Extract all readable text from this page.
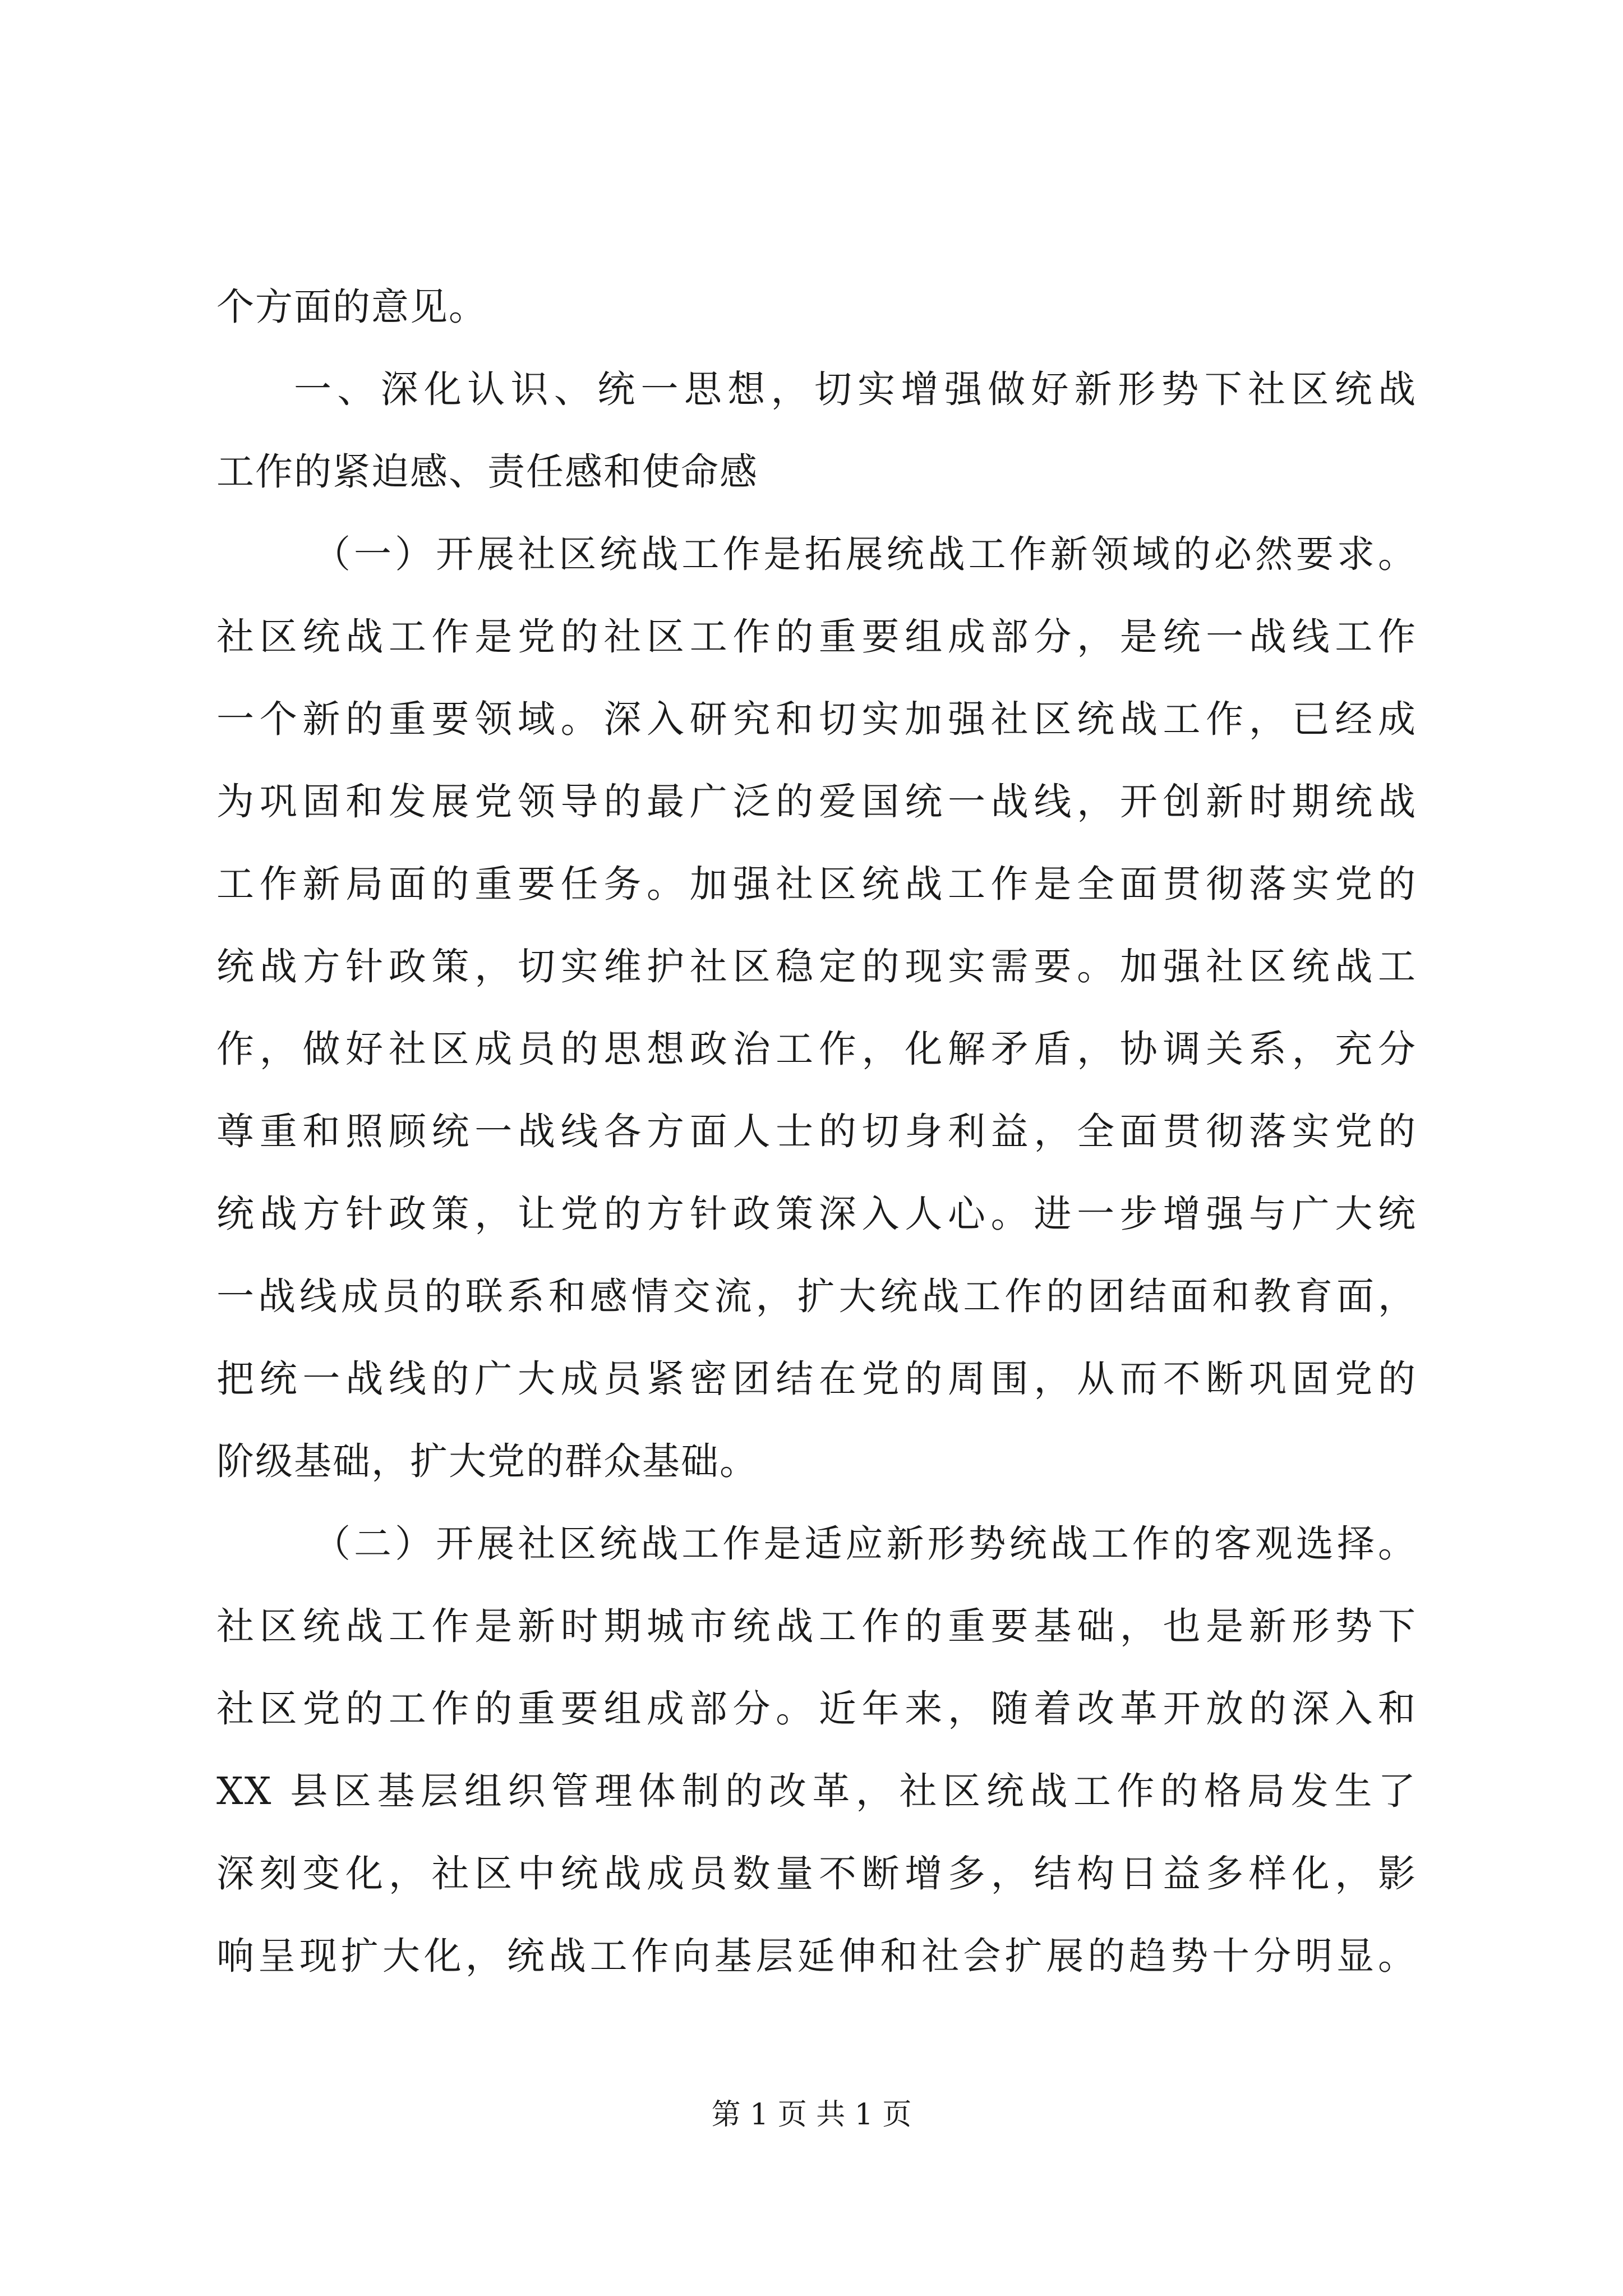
个方面的意见。
一、深化认识、统一思想，切实增强做好新形势下社区统战
工作的紧迫感、责任感和使命感
（一）开展社区统战工作是拓展统战工作新领域的必然要求。
社区统战工作是党的社区工作的重要组成部分，是统一战线工作
一个新的重要领域。深入研究和切实加强社区统战工作，已经成
为巩固和发展党领导的最广泛的爱国统一战线，开创新时期统战
工作新局面的重要任务。加强社区统战工作是全面贯彻落实党的
统战方针政策，切实维护社区稳定的现实需要。加强社区统战工
作，做好社区成员的思想政治工作，化解矛盾，协调关系，充分
尊重和照顾统一战线各方面人士的切身利益，全面贯彻落实党的
统战方针政策，让党的方针政策深入人心。进一步增强与广大统
一战线成员的联系和感情交流，扩大统战工作的团结面和教育面，
把统一战线的广大成员紧密团结在党的周围，从而不断巩固党的
阶级基础，扩大党的群众基础。
（二）开展社区统战工作是适应新形势统战工作的客观选择。
社区统战工作是新时期城市统战工作的重要基础，也是新形势下
社区党的工作的重要组成部分。近年来，随着改革开放的深入和
XX 县区基层组织管理体制的改革，社区统战工作的格局发生了
深刻变化，社区中统战成员数量不断增多，结构日益多样化，影
响呈现扩大化，统战工作向基层延伸和社会扩展的趋势十分明显。
第 1 页 共 1 页
